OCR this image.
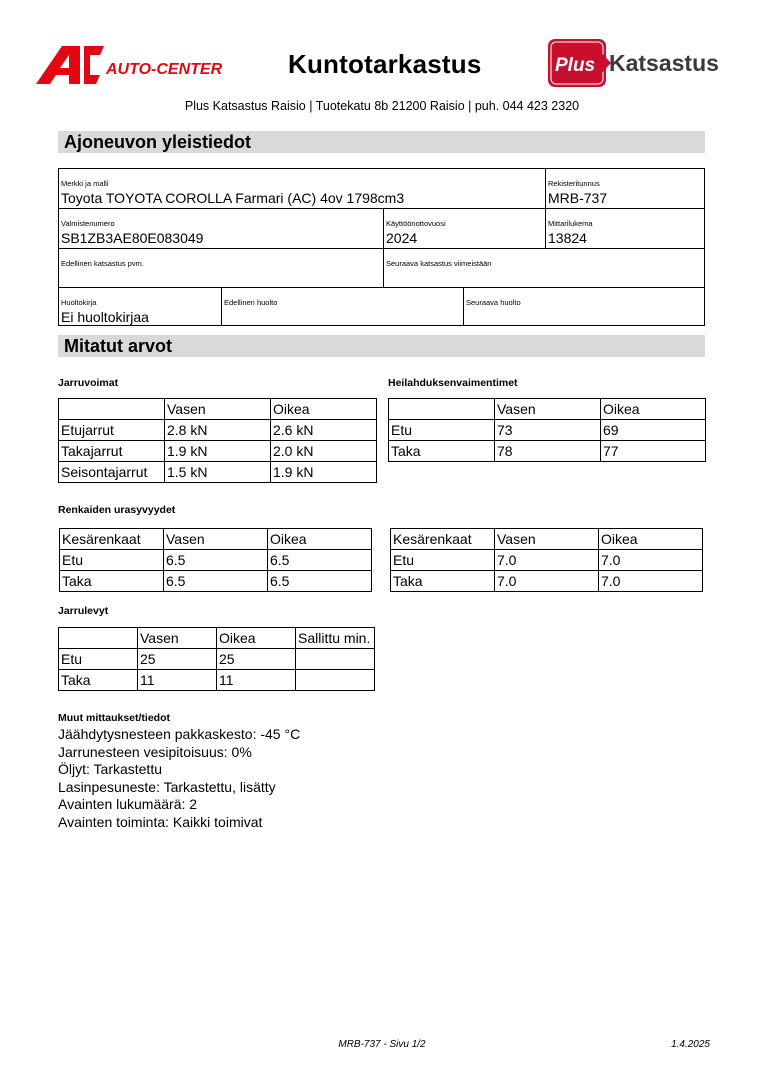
AUTO-CENTER	Kuntotarkastus	Plus Katsastus
Plus Katsastus Raisio | Tuotekatu 8b 21200 Raisio | puh. 044 423 2320
Ajoneuvon yleistiedot
Merkki ja malli
Toyota TOYOTA COROLLA Farmari (AC) 4ov 1798cm3
Rekisteritunnus
MRB-737
Valmistenumero
SB1ZB3AE80E083049
Käyttöönottovuosi
2024
Mittarilukema
13824
Edellinen katsastus pvm.	Seuraava katsastus viimeistään
Huoltokirja
Ei huoltokirjaa
Edellinen huolto	Seuraava huolto
Mitatut arvot
Jarruvoimat	Heilahduksenvaimentimet
	Vasen	Oikea
Etujarrut	2.8 kN	2.6 kN
Takajarrut	1.9 kN	2.0 kN
Seisontajarrut	1.5 kN	1.9 kN
	Vasen	Oikea
Etu	73	69
Taka	78	77
Renkaiden urasyvyydet
Kesärenkaat	Vasen	Oikea
Etu	6.5	6.5
Taka	6.5	6.5
Kesärenkaat	Vasen	Oikea
Etu	7.0	7.0
Taka	7.0	7.0
Jarrulevyt
	Vasen	Oikea	Sallittu min.
Etu	25	25	
Taka	11	11	
Muut mittaukset/tiedot
Jäähdytysnesteen pakkaskesto: -45 °C
Jarrunesteen vesipitoisuus: 0%
Öljyt: Tarkastettu
Lasinpesuneste: Tarkastettu, lisätty
Avainten lukumäärä: 2
Avainten toiminta: Kaikki toimivat
MRB-737 - Sivu 1/2	1.4.2025
